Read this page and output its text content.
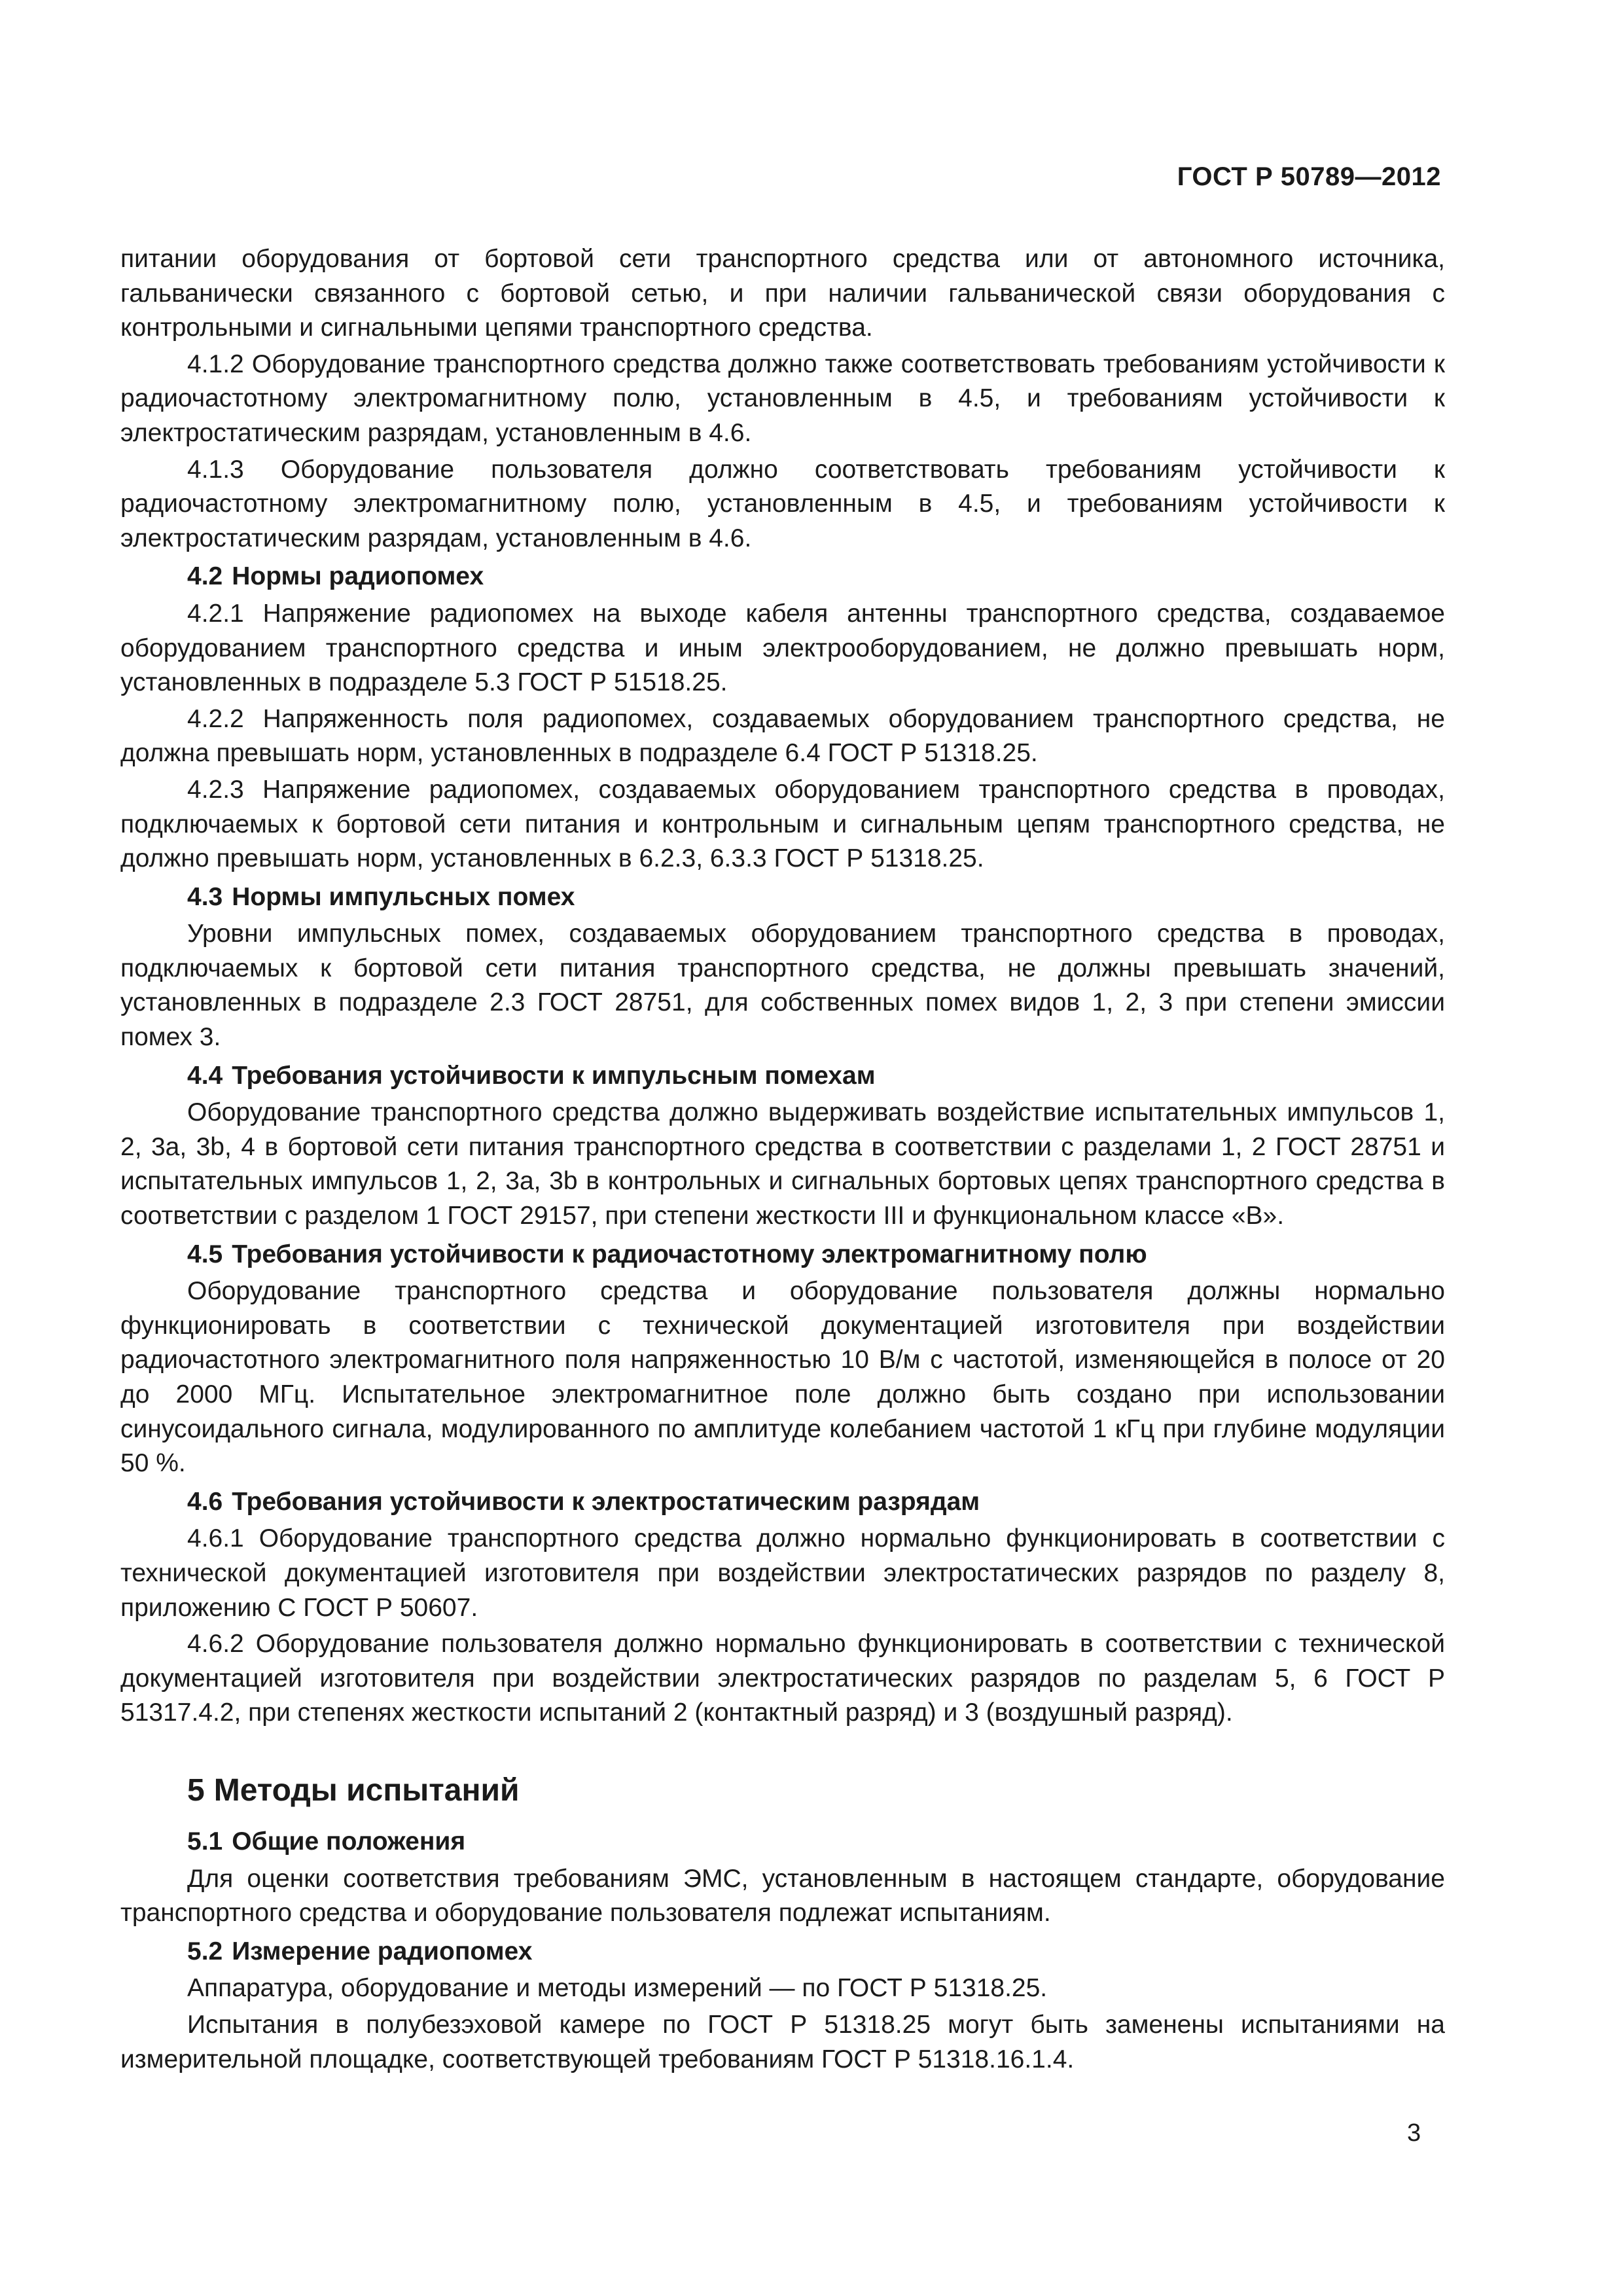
ГОСТ Р 50789—2012

питании оборудования от бортовой сети транспортного средства или от автономного источника, гальванически связанного с бортовой сетью, и при наличии гальванической связи оборудования с контрольными и сигнальными цепями транспортного средства.

4.1.2 Оборудование транспортного средства должно также соответствовать требованиям устойчивости к радиочастотному электромагнитному полю, установленным в 4.5, и требованиям устойчивости к электростатическим разрядам, установленным в 4.6.

4.1.3 Оборудование пользователя должно соответствовать требованиям устойчивости к радиочастотному электромагнитному полю, установленным в 4.5, и требованиям устойчивости к электростатическим разрядам, установленным в 4.6.

4.2 Нормы радиопомех

4.2.1 Напряжение радиопомех на выходе кабеля антенны транспортного средства, создаваемое оборудованием транспортного средства и иным электрооборудованием, не должно превышать норм, установленных в подразделе 5.3 ГОСТ Р 51518.25.

4.2.2 Напряженность поля радиопомех, создаваемых оборудованием транспортного средства, не должна превышать норм, установленных в подразделе 6.4 ГОСТ Р 51318.25.

4.2.3 Напряжение радиопомех, создаваемых оборудованием транспортного средства в проводах, подключаемых к бортовой сети питания и контрольным и сигнальным цепям транспортного средства, не должно превышать норм, установленных в 6.2.3, 6.3.3 ГОСТ Р 51318.25.

4.3 Нормы импульсных помех

Уровни импульсных помех, создаваемых оборудованием транспортного средства в проводах, подключаемых к бортовой сети питания транспортного средства, не должны превышать значений, установленных в подразделе 2.3 ГОСТ 28751, для собственных помех видов 1, 2, 3 при степени эмиссии помех 3.

4.4 Требования устойчивости к импульсным помехам

Оборудование транспортного средства должно выдерживать воздействие испытательных импульсов 1, 2, 3a, 3b, 4 в бортовой сети питания транспортного средства в соответствии с разделами 1, 2 ГОСТ 28751 и испытательных импульсов 1, 2, 3a, 3b в контрольных и сигнальных бортовых цепях транспортного средства в соответствии с разделом 1 ГОСТ 29157, при степени жесткости III и функциональном классе «В».

4.5 Требования устойчивости к радиочастотному электромагнитному полю

Оборудование транспортного средства и оборудование пользователя должны нормально функционировать в соответствии с технической документацией изготовителя при воздействии радиочастотного электромагнитного поля напряженностью 10 В/м с частотой, изменяющейся в полосе от 20 до 2000 МГц. Испытательное электромагнитное поле должно быть создано при использовании синусоидального сигнала, модулированного по амплитуде колебанием частотой 1 кГц при глубине модуляции 50 %.

4.6 Требования устойчивости к электростатическим разрядам

4.6.1 Оборудование транспортного средства должно нормально функционировать в соответствии с технической документацией изготовителя при воздействии электростатических разрядов по разделу 8, приложению С ГОСТ Р 50607.

4.6.2 Оборудование пользователя должно нормально функционировать в соответствии с технической документацией изготовителя при воздействии электростатических разрядов по разделам 5, 6 ГОСТ Р 51317.4.2, при степенях жесткости испытаний 2 (контактный разряд) и 3 (воздушный разряд).

5 Методы испытаний
5.1 Общие положения

Для оценки соответствия требованиям ЭМС, установленным в настоящем стандарте, оборудование транспортного средства и оборудование пользователя подлежат испытаниям.

5.2 Измерение радиопомех

Аппаратура, оборудование и методы измерений — по ГОСТ Р 51318.25.

Испытания в полубезэховой камере по ГОСТ Р 51318.25 могут быть заменены испытаниями на измерительной площадке, соответствующей требованиям ГОСТ Р 51318.16.1.4.

3
